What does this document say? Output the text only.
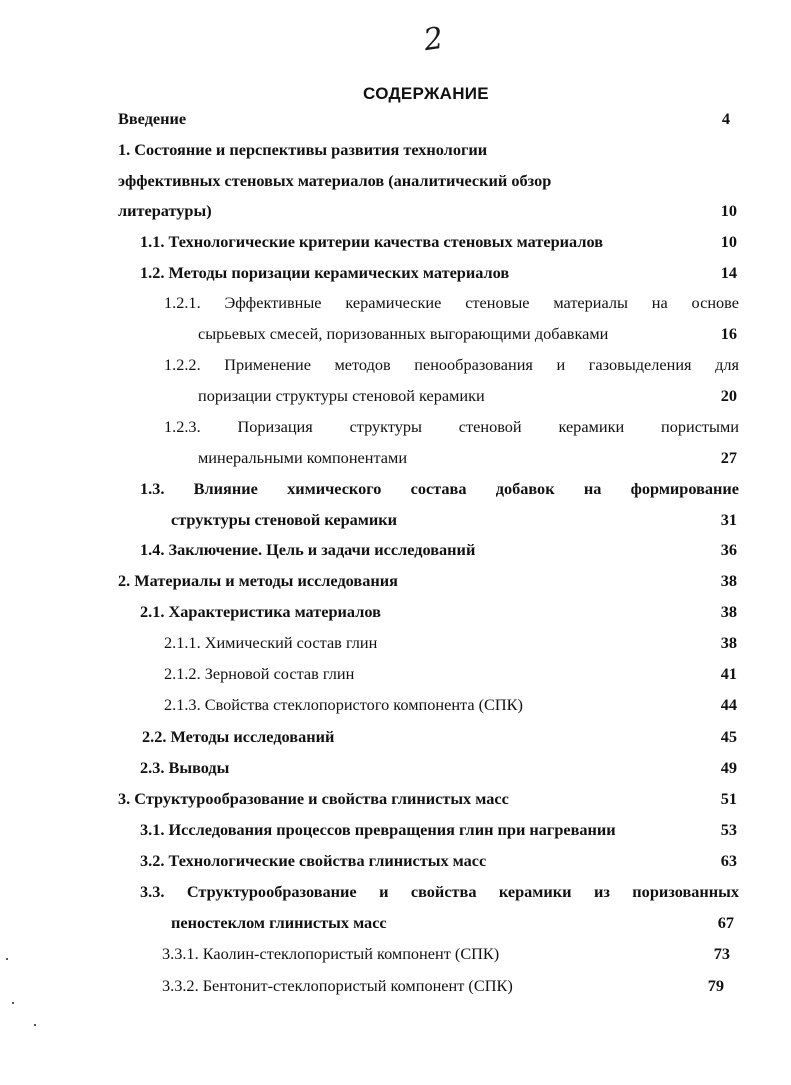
2
СОДЕРЖАНИЕ
Введение	4
1. Состояние и перспективы развития технологии
эффективных стеновых материалов (аналитический обзор
литературы)	10
1.1. Технологические критерии качества стеновых материалов	10
1.2. Методы поризации керамических материалов	14
1.2.1. Эффективные керамические стеновые материалы на основе
сырьевых смесей, поризованных выгорающими добавками	16
1.2.2. Применение методов пенообразования и газовыделения для
поризации структуры стеновой керамики	20
1.2.3. Поризация структуры стеновой керамики пористыми
минеральными компонентами	27
1.3. Влияние химического состава добавок на формирование
структуры стеновой керамики	31
1.4. Заключение. Цель и задачи исследований	36
2. Материалы и методы исследования	38
2.1. Характеристика материалов	38
2.1.1. Химический состав глин	38
2.1.2. Зерновой состав глин	41
2.1.3. Свойства стеклопористого компонента (СПК)	44
2.2. Методы исследований	45
2.3. Выводы	49
3. Структурообразование и свойства глинистых масс	51
3.1. Исследования процессов превращения глин при нагревании	53
3.2. Технологические свойства глинистых масс	63
3.3. Структурообразование и свойства керамики из поризованных
пеностеклом глинистых масс	67
3.3.1. Каолин-стеклопористый компонент (СПК)	73
3.3.2. Бентонит-стеклопористый компонент (СПК)	79
